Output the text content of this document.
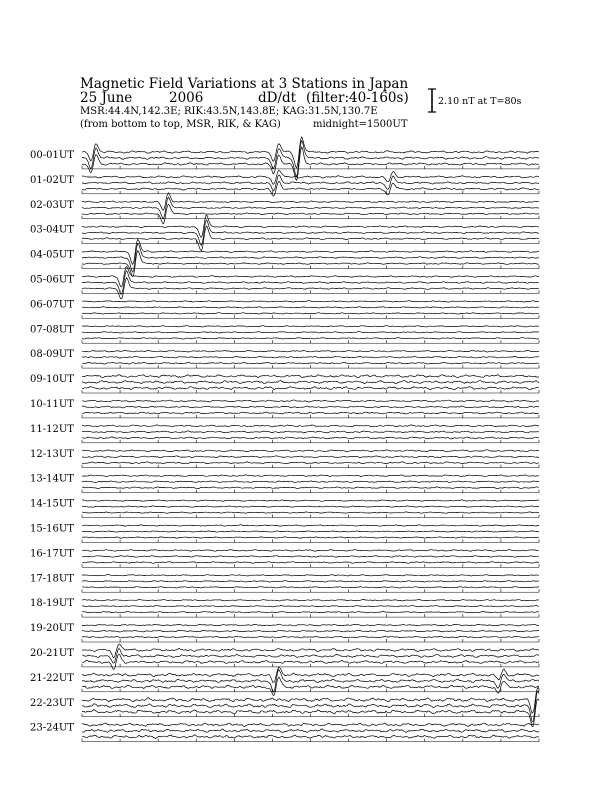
Magnetic Field Variations at 3 Stations in Japan
25 June	2006	dD/dt (filter:40-160s)
MSR:44.4N,142.3E; RIK:43.5N,143.8E; KAG:31.5N,130.7E
(from bottom to top, MSR, RIK, & KAG)	midnight=1500UT
2.10 nT at T=80s
00-01UT
01-02UT
02-03UT
03-04UT
04-05UT
05-06UT
06-07UT
07-08UT
08-09UT
09-10UT
10-11UT
11-12UT
12-13UT
13-14UT
14-15UT
15-16UT
16-17UT
17-18UT
18-19UT
19-20UT
20-21UT
21-22UT
22-23UT
23-24UT
